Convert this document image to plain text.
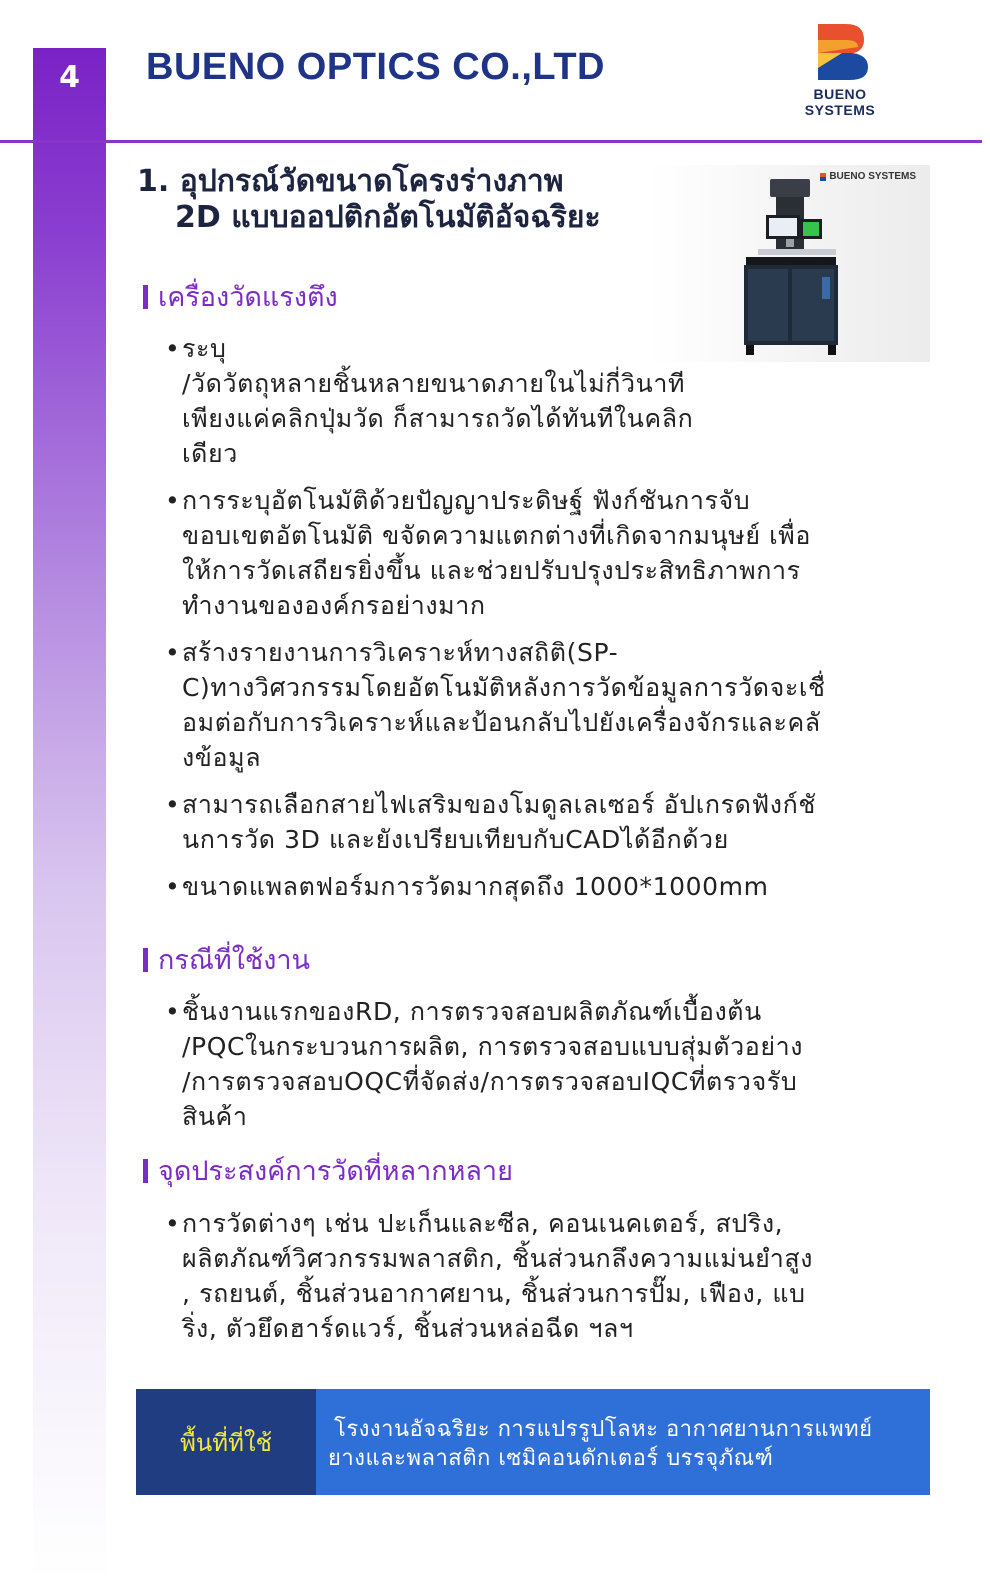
4	BUENO OPTICS CO.,LTD
BUENO
SYSTEMS
1. อุปกรณ์วัดขนาดโครงร่างภาพ
2D แบบออปติกอัตโนมัติอัจฉริยะ
BUENO SYSTEMS
เครื่องวัดแรงตึง
• ระบุ
/วัดวัตถุหลายชิ้นหลายขนาดภายในไม่กี่วินาที
เพียงแค่คลิกปุ่มวัด ก็สามารถวัดได้ทันทีในคลิก
เดียว
• การระบุอัตโนมัติด้วยปัญญาประดิษฐ์ ฟังก์ชันการจับ
ขอบเขตอัตโนมัติ ขจัดความแตกต่างที่เกิดจากมนุษย์ เพื่อ
ให้การวัดเสถียรยิ่งขึ้น และช่วยปรับปรุงประสิทธิภาพการ
ทำงานขององค์กรอย่างมาก
• สร้างรายงานการวิเคราะห์ทางสถิติ(SP-
C)ทางวิศวกรรมโดยอัตโนมัติหลังการวัดข้อมูลการวัดจะเชื่
อมต่อกับการวิเคราะห์และป้อนกลับไปยังเครื่องจักรและคลั
งข้อมูล
• สามารถเลือกสายไฟเสริมของโมดูลเลเซอร์ อัปเกรดฟังก์ชั
นการวัด 3D และยังเปรียบเทียบกับCADได้อีกด้วย
• ขนาดแพลตฟอร์มการวัดมากสุดถึง 1000*1000mm
กรณีที่ใช้งาน
• ชิ้นงานแรกของRD, การตรวจสอบผลิตภัณฑ์เบื้องต้น
/PQCในกระบวนการผลิต, การตรวจสอบแบบสุ่มตัวอย่าง
/การตรวจสอบOQCที่จัดส่ง/การตรวจสอบIQCที่ตรวจรับ
สินค้า
จุดประสงค์การวัดที่หลากหลาย
• การวัดต่างๆ เช่น ปะเก็นและซีล, คอนเนคเตอร์, สปริง,
ผลิตภัณฑ์วิศวกรรมพลาสติก, ชิ้นส่วนกลึงความแม่นยำสูง
, รถยนต์, ชิ้นส่วนอากาศยาน, ชิ้นส่วนการปั๊ม, เฟือง, แบ
ริ่ง, ตัวยึดฮาร์ดแวร์, ชิ้นส่วนหล่อฉีด ฯลฯ
พื้นที่ที่ใช้	โรงงานอัจฉริยะ การแปรรูปโลหะ อากาศยานการแพทย์
ยางและพลาสติก เซมิคอนดักเตอร์ บรรจุภัณฑ์
